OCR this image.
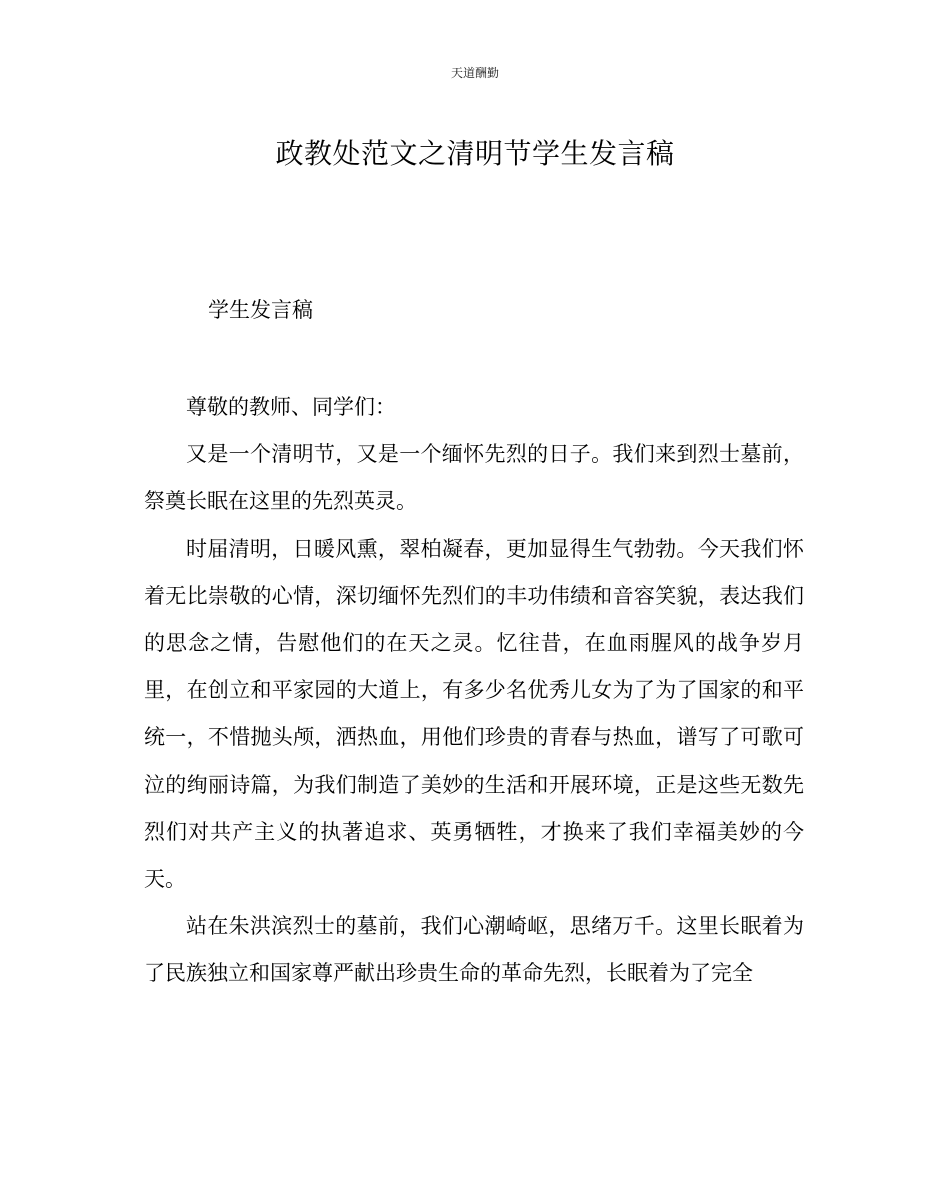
天道酬勤
政教处范文之清明节学生发言稿
学生发言稿

尊敬的教师、同学们：

又是一个清明节，又是一个缅怀先烈的日子。我们来到烈士墓前，祭奠长眠在这里的先烈英灵。

时届清明，日暖风熏，翠柏凝春，更加显得生气勃勃。今天我们怀着无比崇敬的心情，深切缅怀先烈们的丰功伟绩和音容笑貌，表达我们的思念之情，告慰他们的在天之灵。忆往昔，在血雨腥风的战争岁月里，在创立和平家园的大道上，有多少名优秀儿女为了为了国家的和平统一，不惜抛头颅，洒热血，用他们珍贵的青春与热血，谱写了可歌可泣的绚丽诗篇，为我们制造了美妙的生活和开展环境，正是这些无数先烈们对共产主义的执著追求、英勇牺牲，才换来了我们幸福美妙的今天。

站在朱洪滨烈士的墓前，我们心潮崎岖，思绪万千。这里长眠着为了民族独立和国家尊严献出珍贵生命的革命先烈，长眠着为了完全
